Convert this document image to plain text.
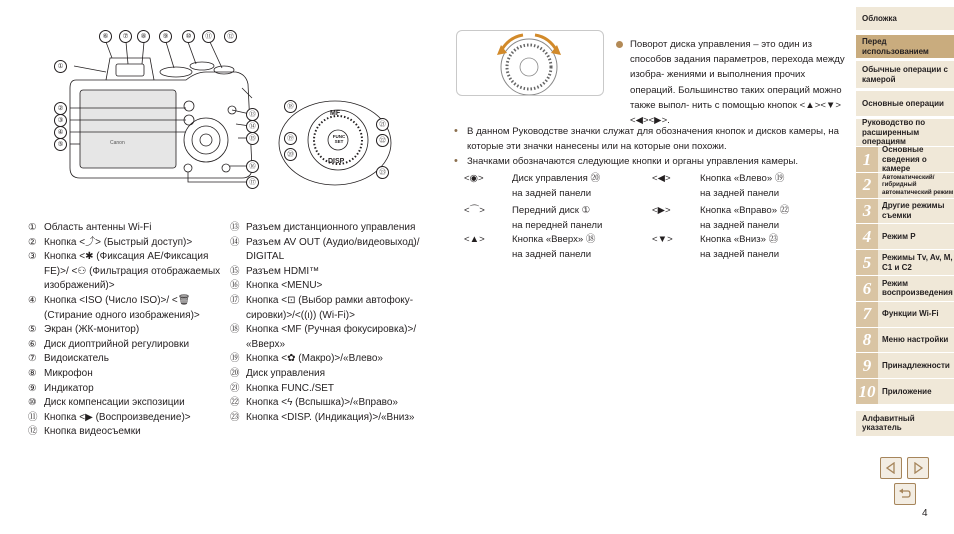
Canon
①
②
③
④
⑤
⑥	⑦	⑧	⑨	⑩	⑪	⑫
⑬
⑭
⑮
⑯
⑰
MF
FUNC SET
DISP
⑱
⑲
⑳
㉑
㉒
㉓
① Область антенны Wi-Fi
② Кнопка <⤴> (Быстрый доступ)>
③ Кнопка <✱ (Фиксация AE/Фиксация FE)>/ <⚇ (Фильтрация отображаемых изображений)>
④ Кнопка <ISO (Число ISO)>/ <🗑 (Стирание одного изображения)>
⑤ Экран (ЖК-монитор)
⑥ Диск диоптрийной регулировки
⑦ Видоискатель
⑧ Микрофон
⑨ Индикатор
⑩ Диск компенсации экспозиции
⑪ Кнопка <▶ (Воспроизведение)>
⑫ Кнопка видеосъемки
⑬ Разъем дистанционного управления
⑭ Разъем AV OUT (Аудио/видеовыход)/ DIGITAL
⑮ Разъем HDMI™
⑯ Кнопка <MENU>
⑰ Кнопка <⊡ (Выбор рамки автофоку- сировки)>/<((ι)) (Wi-Fi)>
⑱ Кнопка <MF (Ручная фокусировка)>/ «Вверх»
⑲ Кнопка <✿ (Макро)>/«Влево»
⑳ Диск управления
㉑ Кнопка FUNC./SET
㉒ Кнопка <ϟ (Вспышка)>/«Вправо»
㉓ Кнопка <DISP. (Индикация)>/«Вниз»
Поворот диска управления – это один из способов задания параметров, перехода между изобра- жениями и выполнения прочих операций. Большинство таких операций можно также выпол- нить с помощью кнопок <▲><▼><◀><▶>.
• В данном Руководстве значки служат для обозначения кнопок и дисков камеры, на которые эти значки нанесены или на которые они похожи.
• Значками обозначаются следующие кнопки и органы управления камеры.
<◉>	Диск управления ⑳
на задней панели
<◀>	Кнопка «Влево» ⑲
на задней панели
<⌒>	Передний диск ①
на передней панели
<▶>	Кнопка «Вправо» ㉒
на задней панели
<▲>	Кнопка «Вверх» ⑱
на задней панели
<▼>	Кнопка «Вниз» ㉓
на задней панели
Обложка
Перед использованием
Обычные операции с камерой
Основные операции
Руководство по расширенным операциям
1
Основные сведения о камере
2	Автоматический/гибридный автоматический режим
3	Другие режимы съемки
4	Режим P
5	Режимы Tv, Av, M, C1 и C2
6	Режим воспроизведения
7	Функции Wi-Fi
8	Меню настройки
9	Принадлежности
10 Приложение
Алфавитный указатель
4
